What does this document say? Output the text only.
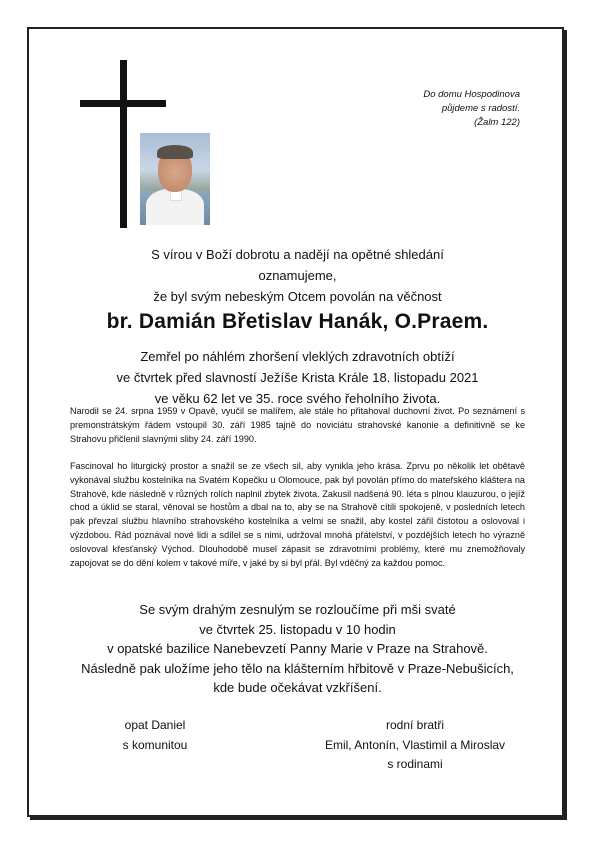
Do domu Hospodinova
půjdeme s radostí.
(Žalm 122)
S vírou v Boží dobrotu a nadějí na opětné shledání
oznamujeme,
že byl svým nebeským Otcem povolán na věčnost
br. Damián Břetislav Hanák, O.Praem.
Zemřel po náhlém zhoršení vleklých zdravotních obtíží
ve čtvrtek před slavností Ježíše Krista Krále 18. listopadu 2021
ve věku 62 let ve 35. roce svého řeholního života.

Narodil se 24. srpna 1959 v Opavě, vyučil se malířem, ale stále ho přitahoval duchovní život. Po seznámení s premonstrátským řádem vstoupil 30. září 1985 tajně do noviciátu strahovské kanonie a definitivně se ke Strahovu přičlenil slavnými sliby 24. září 1990.

Fascinoval ho liturgický prostor a snažil se ze všech sil, aby vynikla jeho krása. Zprvu po několik let obětavě vykonával službu kostelníka na Svatém Kopečku u Olomouce, pak byl povolán přímo do mateřského kláštera na Strahově, kde následně v různých rolích naplnil zbytek života. Zakusil nadšená 90. léta s plnou klauzurou, o jejíž chod a úklid se staral, věnoval se hostům a dbal na to, aby se na Strahově cítili spokojeně, v posledních letech pak převzal službu hlavního strahovského kostelníka a velmi se snažil, aby kostel zářil čistotou a oslovoval i výzdobou. Rád poznával nové lidi a sdílel se s nimi, udržoval mnohá přátelství, v pozdějších letech ho výrazně oslovoval křesťanský Východ. Dlouhodobě musel zápasit se zdravotními problémy, které mu znemožňovaly zapojovat se do dění kolem v takové míře, v jaké by si byl přál. Byl vděčný za každou pomoc.

Se svým drahým zesnulým se rozloučíme při mši svaté
ve čtvrtek 25. listopadu v 10 hodin
v opatské bazilice Nanebevzetí Panny Marie v Praze na Strahově.
Následně pak uložíme jeho tělo na klášterním hřbitově v Praze-Nebušicích,
kde bude očekávat vzkříšení.
opat Daniel
s komunitou
rodní bratři
Emil, Antonín, Vlastimil a Miroslav
s rodinami
